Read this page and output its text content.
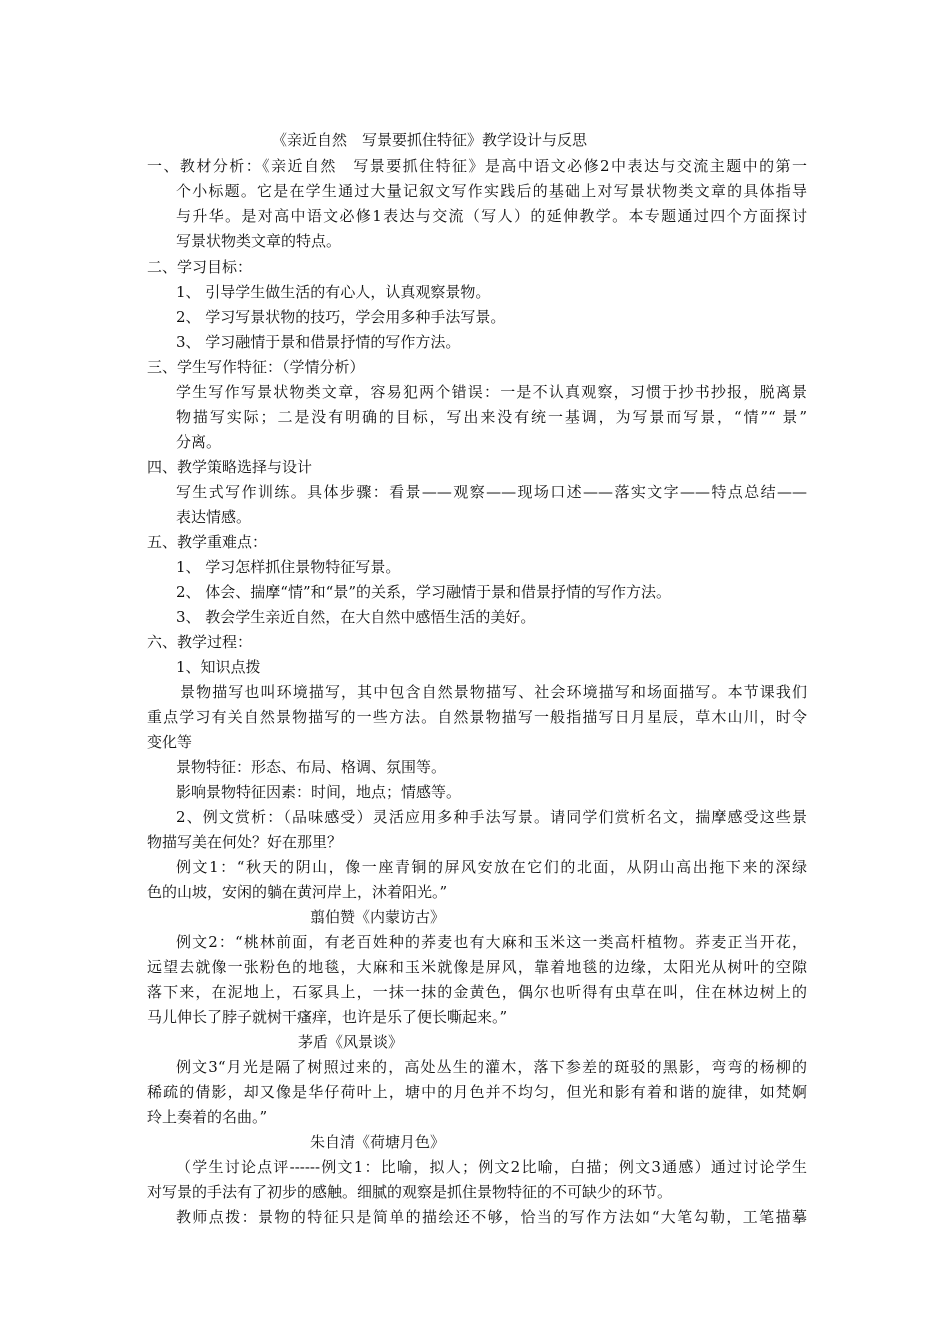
《亲近自然　写景要抓住特征》教学设计与反思

一、教材分析：《亲近自然　写景要抓住特征》是高中语文必修2中表达与交流主题中的第一

个小标题。它是在学生通过大量记叙文写作实践后的基础上对写景状物类文章的具体指导

与升华。是对高中语文必修1表达与交流（写人）的延伸教学。本专题通过四个方面探讨

写景状物类文章的特点。

二、学习目标：

1、 引导学生做生活的有心人，认真观察景物。

2、 学习写景状物的技巧，学会用多种手法写景。

3、 学习融情于景和借景抒情的写作方法。

三、学生写作特征：（学情分析）

学生写作写景状物类文章，容易犯两个错误：一是不认真观察，习惯于抄书抄报，脱离景

物描写实际；二是没有明确的目标，写出来没有统一基调，为写景而写景，“情”“ 景”

分离。

四、教学策略选择与设计

写生式写作训练。具体步骤：看景——观察——现场口述——落实文字——特点总结——

表达情感。

五、教学重难点：

1、 学习怎样抓住景物特征写景。

2、 体会、揣摩“情”和“景”的关系，学习融情于景和借景抒情的写作方法。

3、 教会学生亲近自然，在大自然中感悟生活的美好。

六、教学过程：

1、知识点拨

景物描写也叫环境描写，其中包含自然景物描写、社会环境描写和场面描写。本节课我们

重点学习有关自然景物描写的一些方法。自然景物描写一般指描写日月星辰，草木山川，时令

变化等

景物特征：形态、布局、格调、氛围等。

影响景物特征因素：时间，地点；情感等。

2、例文赏析：（品味感受）灵活应用多种手法写景。请同学们赏析名文，揣摩感受这些景

物描写美在何处？好在那里？

例文1：“秋天的阴山，像一座青铜的屏风安放在它们的北面，从阴山高出拖下来的深绿

色的山坡，安闲的躺在黄河岸上，沐着阳光。”

翦伯赞《内蒙访古》

例文2：“桃林前面，有老百姓种的荞麦也有大麻和玉米这一类高杆植物。荞麦正当开花，

远望去就像一张粉色的地毯，大麻和玉米就像是屏风，靠着地毯的边缘，太阳光从树叶的空隙

落下来，在泥地上，石冢具上，一抹一抹的金黄色，偶尔也听得有虫草在叫，住在林边树上的

马儿伸长了脖子就树干瘙痒，也许是乐了便长嘶起来。”

茅盾《风景谈》

例文3“月光是隔了树照过来的，高处丛生的灌木，落下参差的斑驳的黑影，弯弯的杨柳的

稀疏的倩影，却又像是华仔荷叶上，塘中的月色并不均匀，但光和影有着和谐的旋律，如梵婀

玲上奏着的名曲。”

朱自清《荷塘月色》

（学生讨论点评------例文1：比喻，拟人；例文2比喻，白描；例文3通感）通过讨论学生

对写景的手法有了初步的感触。细腻的观察是抓住景物特征的不可缺少的环节。

教师点拨：景物的特征只是简单的描绘还不够，恰当的写作方法如“大笔勾勒，工笔描摹
